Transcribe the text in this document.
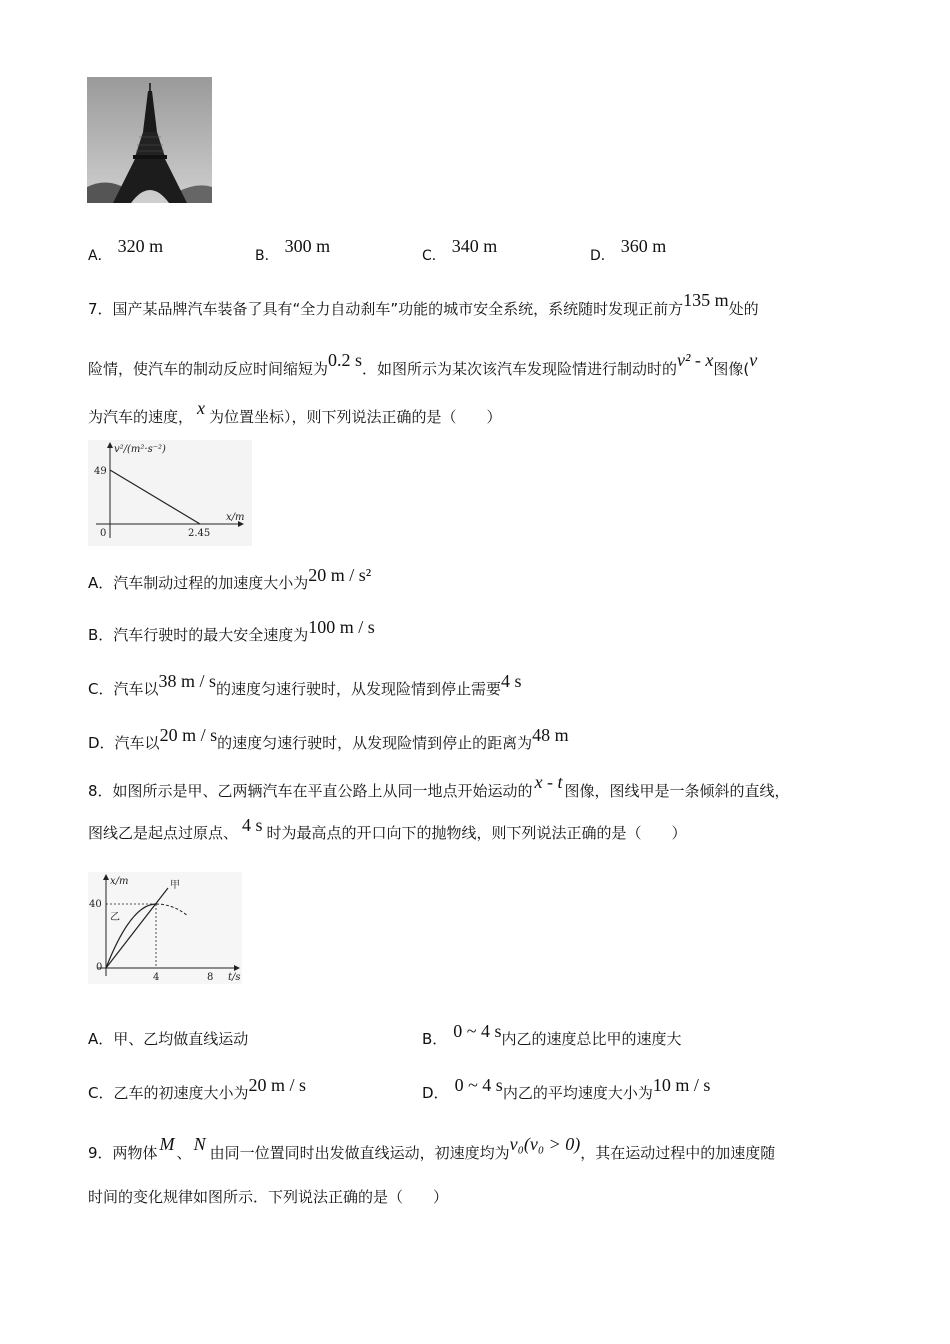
A． 320 m	B． 300 m	C． 340 m	D． 360 m
7．国产某品牌汽车装备了具有“全力自动刹车”功能的城市安全系统，系统随时发现正前方135 m处的
险情，使汽车的制动反应时间缩短为0.2 s．如图所示为某次该汽车发现险情进行制动时的v² - x图像(v
为汽车的速度， x 为位置坐标），则下列说法正确的是（　　）
v²/(m²·s⁻²)
x/m
49
0	2.45
A．汽车制动过程的加速度大小为20 m / s²
B．汽车行驶时的最大安全速度为100 m / s
C．汽车以38 m / s的速度匀速行驶时，从发现险情到停止需要4 s
D．汽车以20 m / s的速度匀速行驶时，从发现险情到停止的距离为48 m
8．如图所示是甲、乙两辆汽车在平直公路上从同一地点开始运动的 x - t 图像，图线甲是一条倾斜的直线，
图线乙是起点过原点、 4 s 时为最高点的开口向下的抛物线，则下列说法正确的是（　　）
x/m
t/s
40
0
4	8
甲
乙
A．甲、乙均做直线运动	B． 0 ~ 4 s内乙的速度总比甲的速度大
C．乙车的初速度大小为20 m / s	D． 0 ~ 4 s内乙的平均速度大小为10 m / s
9．两物体 M 、 N 由同一位置同时出发做直线运动，初速度均为v₀(v₀ > 0)，其在运动过程中的加速度随
时间的变化规律如图所示．下列说法正确的是（　　）
